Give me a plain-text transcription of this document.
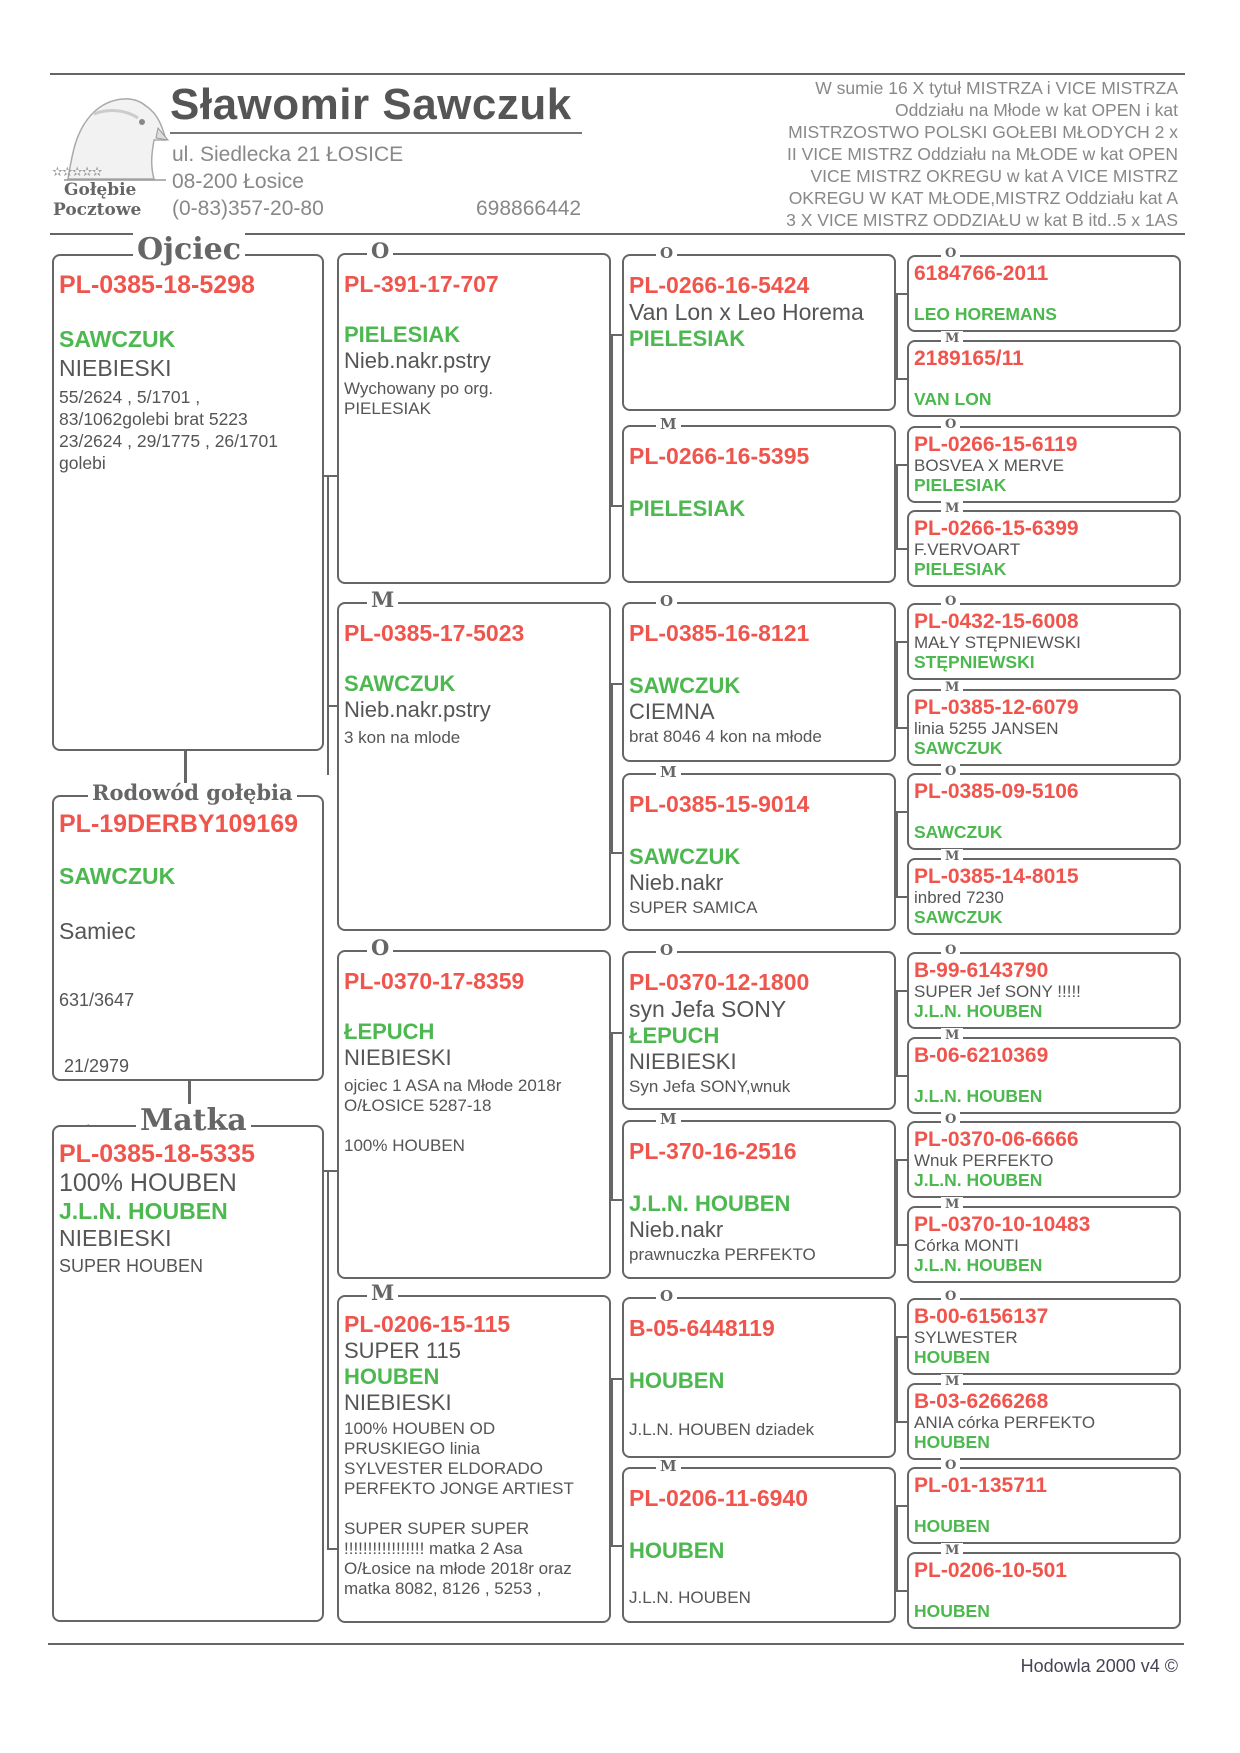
✫✫✫✫✫
Gołębie
Pocztowe
Sławomir Sawczuk
ul. Siedlecka 21 ŁOSICE
08-200 Łosice
(0-83)357-20-80	698866442
W sumie 16 X tytuł MISTRZA i VICE MISTRZA
Oddziału na Młode w kat OPEN i kat
MISTRZOSTWO POLSKI GOŁEBI MŁODYCH 2 x
II VICE MISTRZ Oddziału na MŁODE w kat OPEN
VICE MISTRZ OKREGU w kat A VICE MISTRZ
OKREGU W KAT MŁODE,MISTRZ Oddziału kat A
3 X VICE MISTRZ ODDZIAŁU w kat B itd..5 x 1AS
Ojciec
PL-0385-18-5298
SAWCZUK
NIEBIESKI
55/2624 , 5/1701 ,
83/1062golebi brat 5223
23/2624 , 29/1775 , 26/1701
golebi
Rodowód gołębia
PL-19DERBY109169
SAWCZUK
Samiec

631/3647

21/2979

Matka
PL-0385-18-5335
100% HOUBEN
J.L.N. HOUBEN
NIEBIESKI
SUPER HOUBEN
O
PL-391-17-707
PIELESIAK
Nieb.nakr.pstry
Wychowany po org.
PIELESIAK
M
PL-0385-17-5023
SAWCZUK
Nieb.nakr.pstry
3 kon na mlode
O
PL-0370-17-8359
ŁEPUCH
NIEBIESKI
ojciec 1 ASA na Młode 2018r
O/ŁOSICE 5287-18
100% HOUBEN
M
PL-0206-15-115
SUPER 115
HOUBEN
NIEBIESKI
100% HOUBEN OD
PRUSKIEGO linia
SYLVESTER ELDORADO
PERFEKTO JONGE ARTIEST
SUPER SUPER SUPER
!!!!!!!!!!!!!!!!! matka 2 Asa
O/Łosice na młode 2018r oraz
matka 8082, 8126 , 5253 ,
O
PL-0266-16-5424
Van Lon x Leo Horema
PIELESIAK
M
PL-0266-16-5395
PIELESIAK
O
PL-0385-16-8121
SAWCZUK
CIEMNA
brat 8046 4 kon na młode
M
PL-0385-15-9014
SAWCZUK
Nieb.nakr
SUPER SAMICA
O
PL-0370-12-1800
syn Jefa SONY
ŁEPUCH
NIEBIESKI
Syn Jefa SONY,wnuk
M
PL-370-16-2516
J.L.N. HOUBEN
Nieb.nakr
prawnuczka PERFEKTO
O
B-05-6448119
HOUBEN
J.L.N. HOUBEN dziadek
M
PL-0206-11-6940
HOUBEN
J.L.N. HOUBEN
O
6184766-2011
LEO HOREMANS
M
2189165/11
VAN LON
O
PL-0266-15-6119
BOSVEA X MERVE
PIELESIAK
M
PL-0266-15-6399
F.VERVOART
PIELESIAK
O
PL-0432-15-6008
MAŁY STĘPNIEWSKI
STĘPNIEWSKI
M
PL-0385-12-6079
linia 5255 JANSEN
SAWCZUK
O
PL-0385-09-5106
SAWCZUK
M
PL-0385-14-8015
inbred 7230
SAWCZUK
O
B-99-6143790
SUPER Jef SONY !!!!!
J.L.N. HOUBEN
M
B-06-6210369
J.L.N. HOUBEN
O
PL-0370-06-6666
Wnuk PERFEKTO
J.L.N. HOUBEN
M
PL-0370-10-10483
Córka MONTI
J.L.N. HOUBEN
O
B-00-6156137
SYLWESTER
HOUBEN
M
B-03-6266268
ANIA córka PERFEKTO
HOUBEN
O
PL-01-135711
HOUBEN
M
PL-0206-10-501
HOUBEN
Hodowla 2000 v4 ©
